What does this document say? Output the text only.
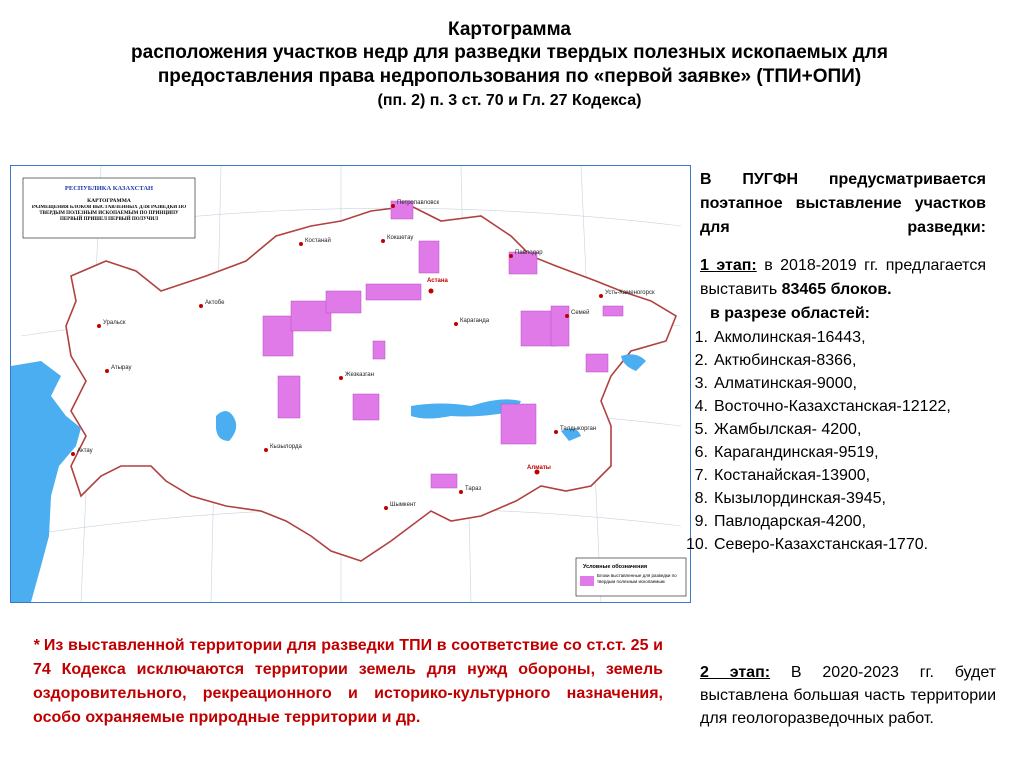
Картограмма
расположения участков недр для разведки твердых полезных ископаемых для
предоставления права недропользования по «первой заявке» (ТПИ+ОПИ)
(пп. 2) п. 3 ст. 70 и Гл. 27 Кодекса)
Петропавловск
Костанай	Кокшетау
Павлодар
Астана
Усть-Каменогорск
Актобе
Караганда
Семей
Уральск
Атырау
Жезказган
Кызылорда
Талдыкорган
Алматы
Тараз
Шымкент
Актау
РЕСПУБЛИКА КАЗАХСТАН
КАРТОГРАММА
РАЗМЕЩЕНИЯ БЛОКОВ ВЫСТАВЛЕННЫХ ДЛЯ РАЗВЕДКИ ПО ТВЕРДЫМ ПОЛЕЗНЫМ ИСКОПАЕМЫМ ПО ПРИНЦИПУ ПЕРВЫЙ ПРИШЕЛ ПЕРВЫЙ ПОЛУЧИЛ
Условные обозначения
Блоки выставленные для разведки по твердым полезным ископаемым

В ПУГФН предусматривается поэтапное выставление участков для разведки:

1 этап: в 2018-2019 гг. предлагается выставить 83465 блоков.

в разрезе областей:
1. Акмолинская-16443,
2. Актюбинская-8366,
3. Алматинская-9000,
4. Восточно-Казахстанская-12122,
5. Жамбылская- 4200,
6. Карагандинская-9519,
7. Костанайская-13900,
8. Кызылординская-3945,
9. Павлодарская-4200,
10. Северо-Казахстанская-1770.

2 этап: В 2020-2023 гг. будет выставлена большая часть территории для геологоразведочных работ.

* Из выставленной территории для разведки ТПИ в соответствие со ст.ст. 25 и 74 Кодекса исключаются территории земель для нужд обороны, земель оздоровительного, рекреационного и историко-культурного назначения, особо охраняемые природные территории и др.
